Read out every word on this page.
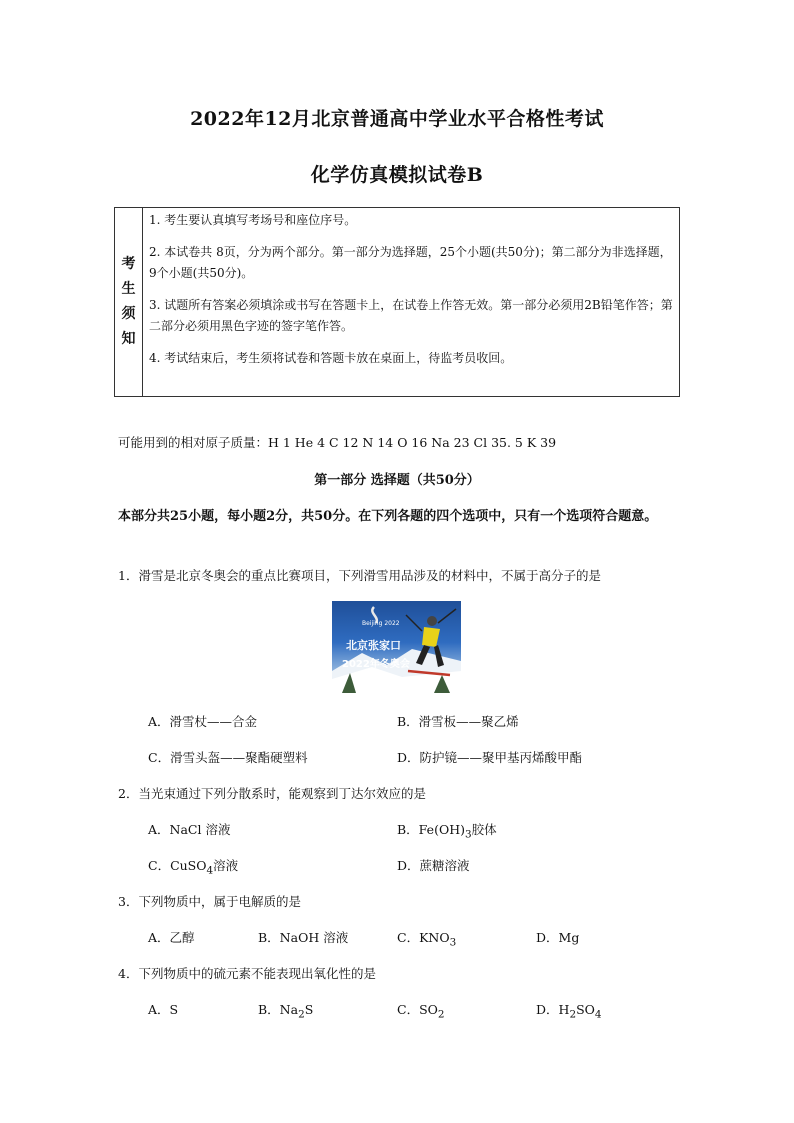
2022年12月北京普通高中学业水平合格性考试
化学仿真模拟试卷B
考
生
须
知

1. 考生要认真填写考场号和座位序号。

2. 本试卷共 8页，分为两个部分。第一部分为选择题，25个小题(共50分)；第二部分为非选择题，9个小题(共50分)。

3. 试题所有答案必须填涂或书写在答题卡上，在试卷上作答无效。第一部分必须用2B铅笔作答；第二部分必须用黑色字迹的签字笔作答。

4. 考试结束后，考生须将试卷和答题卡放在桌面上，待监考员收回。

可能用到的相对原子质量：H 1 He 4 C 12 N 14 O 16 Na 23 Cl 35. 5 K 39
第一部分 选择题（共50分）
本部分共25小题，每小题2分，共50分。在下列各题的四个选项中，只有一个选项符合题意。
1．滑雪是北京冬奥会的重点比赛项目，下列滑雪用品涉及的材料中，不属于高分子的是
Beijing 2022
北京张家口
2022年冬奥会
A．滑雪杖——合金	B．滑雪板——聚乙烯
C．滑雪头盔——聚酯硬塑料	D．防护镜——聚甲基丙烯酸甲酯
2．当光束通过下列分散系时，能观察到丁达尔效应的是
A．NaCl 溶液	B．$Fe(OH)_3$胶体
C．CuSO$_4$溶液	D．蔗糖溶液
3．下列物质中，属于电解质的是
A．乙醇	B．NaOH 溶液	C．$KNO_3$	D．Mg
4．下列物质中的硫元素不能表现出氧化性的是
A．S	B．$Na_2S$	C．$SO_2$	D．$H_2SO_4$
